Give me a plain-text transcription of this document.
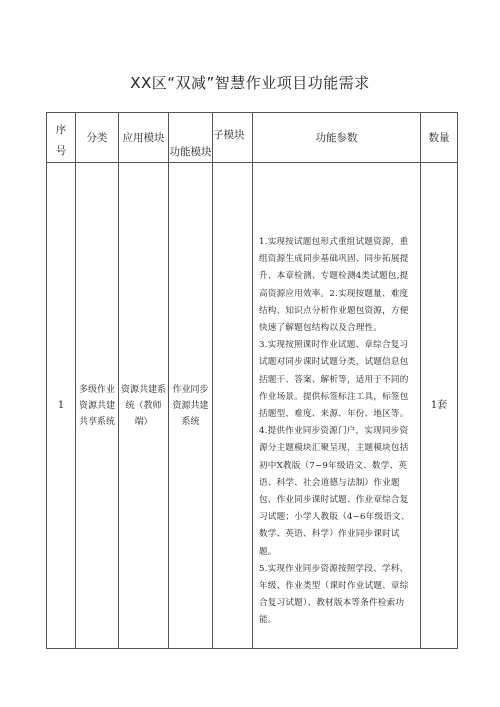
XX区“双减”智慧作业项目功能需求
序
号	分类	应用模块	功能模块	子模块	功能参数	数量
1	多级作业资源共建共享系统	资源共建系统（教师端）	作业同步资源共建系统		1.实现按试题包形式重组试题资源，重组资源生成同步基础巩固、同步拓展提升、本章检测、专题检测4类试题包,提高资源应用效率。2.实现按题量、难度结构、知识点分析作业题包资源，方便快速了解题包结构以及合理性。

3.实现按照课时作业试题、章综合复习试题对同步课时试题分类，试题信息包括题干、答案、解析等，适用于不同的作业场景。提供标签标注工具，标签包括题型、难度、来源、年份、地区等。

4.提供作业同步资源门户，实现同步资源分主题模块汇聚呈现，主题模块包括初中X教版（7~9年级语文、数学、英语、科学、社会道德与法制）作业题包、作业同步课时试题、作业章综合复习试题；小学人教版（4~6年级语文、数学、英语、科学）作业同步课时试题。

5.实现作业同步资源按照学段、学科、年级、作业类型（课时作业试题、章综合复习试题）、教材版本等条件检索功能。	1套
